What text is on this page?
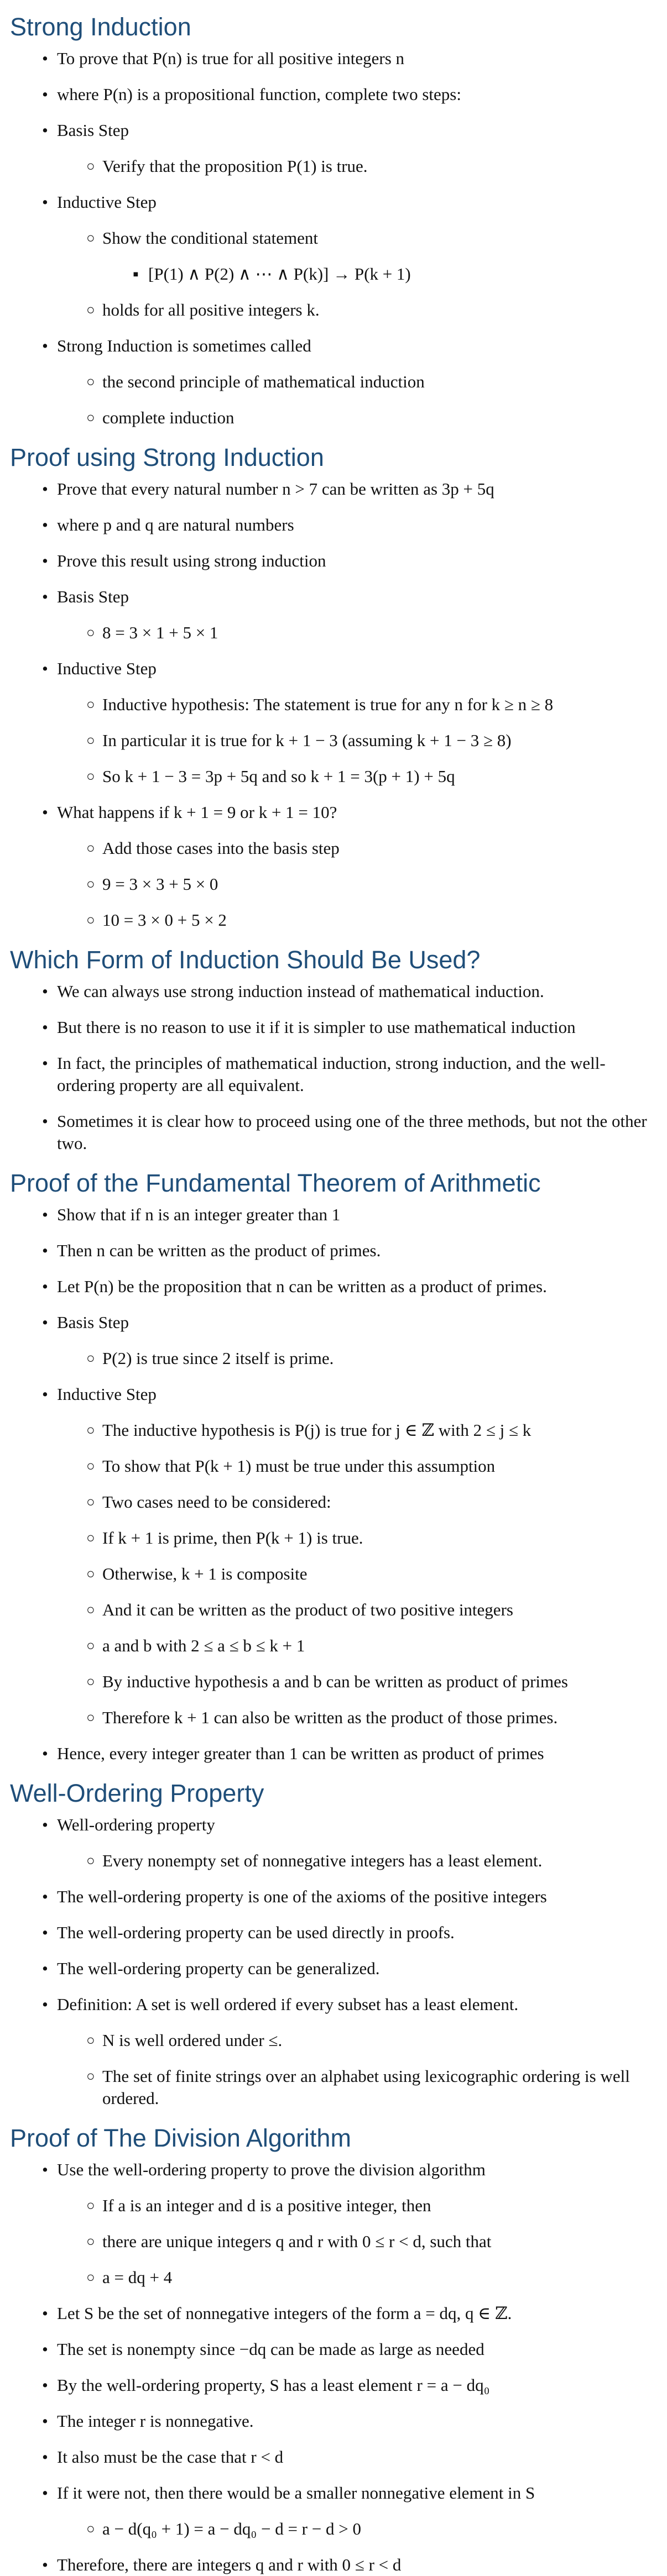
Strong Induction
• To prove that P(n) is true for all positive integers n
• where P(n) is a propositional function, complete two steps:
• Basis Step
○ Verify that the proposition P(1) is true.
• Inductive Step
○ Show the conditional statement
▪ [P(1) ∧ P(2) ∧ ⋯ ∧ P(k)] → P(k + 1)
○ holds for all positive integers k.
• Strong Induction is sometimes called
○ the second principle of mathematical induction
○ complete induction
Proof using Strong Induction
• Prove that every natural number n > 7 can be written as 3p + 5q
• where p and q are natural numbers
• Prove this result using strong induction
• Basis Step
○ 8 = 3 × 1 + 5 × 1
• Inductive Step
○ Inductive hypothesis: The statement is true for any n for k ≥ n ≥ 8
○ In particular it is true for k + 1 − 3 (assuming k + 1 − 3 ≥ 8)
○ So k + 1 − 3 = 3p + 5q and so k + 1 = 3(p + 1) + 5q
• What happens if k + 1 = 9 or k + 1 = 10?
○ Add those cases into the basis step
○ 9 = 3 × 3 + 5 × 0
○ 10 = 3 × 0 + 5 × 2
Which Form of Induction Should Be Used?
• We can always use strong induction instead of mathematical induction.
• But there is no reason to use it if it is simpler to use mathematical induction
• In fact, the principles of mathematical induction, strong induction, and the well-ordering property are all equivalent.
• Sometimes it is clear how to proceed using one of the three methods, but not the other two.
Proof of the Fundamental Theorem of Arithmetic
• Show that if n is an integer greater than 1
• Then n can be written as the product of primes.
• Let P(n) be the proposition that n can be written as a product of primes.
• Basis Step
○ P(2) is true since 2 itself is prime.
• Inductive Step
○ The inductive hypothesis is P(j) is true for j ∈ ℤ with 2 ≤ j ≤ k
○ To show that P(k + 1) must be true under this assumption
○ Two cases need to be considered:
○ If k + 1 is prime, then P(k + 1) is true.
○ Otherwise, k + 1 is composite
○ And it can be written as the product of two positive integers
○ a and b with 2 ≤ a ≤ b ≤ k + 1
○ By inductive hypothesis a and b can be written as product of primes
○ Therefore k + 1 can also be written as the product of those primes.
• Hence, every integer greater than 1 can be written as product of primes
Well-Ordering Property
• Well-ordering property
○ Every nonempty set of nonnegative integers has a least element.
• The well-ordering property is one of the axioms of the positive integers
• The well-ordering property can be used directly in proofs.
• The well-ordering property can be generalized.
• Definition: A set is well ordered if every subset has a least element.
○ N is well ordered under ≤.
○ The set of finite strings over an alphabet using lexicographic ordering is well ordered.
Proof of The Division Algorithm
• Use the well-ordering property to prove the division algorithm
○ If a is an integer and d is a positive integer, then
○ there are unique integers q and r with 0 ≤ r < d, such that
○ a = dq + 4
• Let S be the set of nonnegative integers of the form a = dq, q ∈ ℤ.
• The set is nonempty since −dq can be made as large as needed
• By the well-ordering property, S has a least element r = a − dq₀
• The integer r is nonnegative.
• It also must be the case that r < d
• If it were not, then there would be a smaller nonnegative element in S
○ a − d(q₀ + 1) = a − dq₀ − d = r − d > 0
• Therefore, there are integers q and r with 0 ≤ r < d
